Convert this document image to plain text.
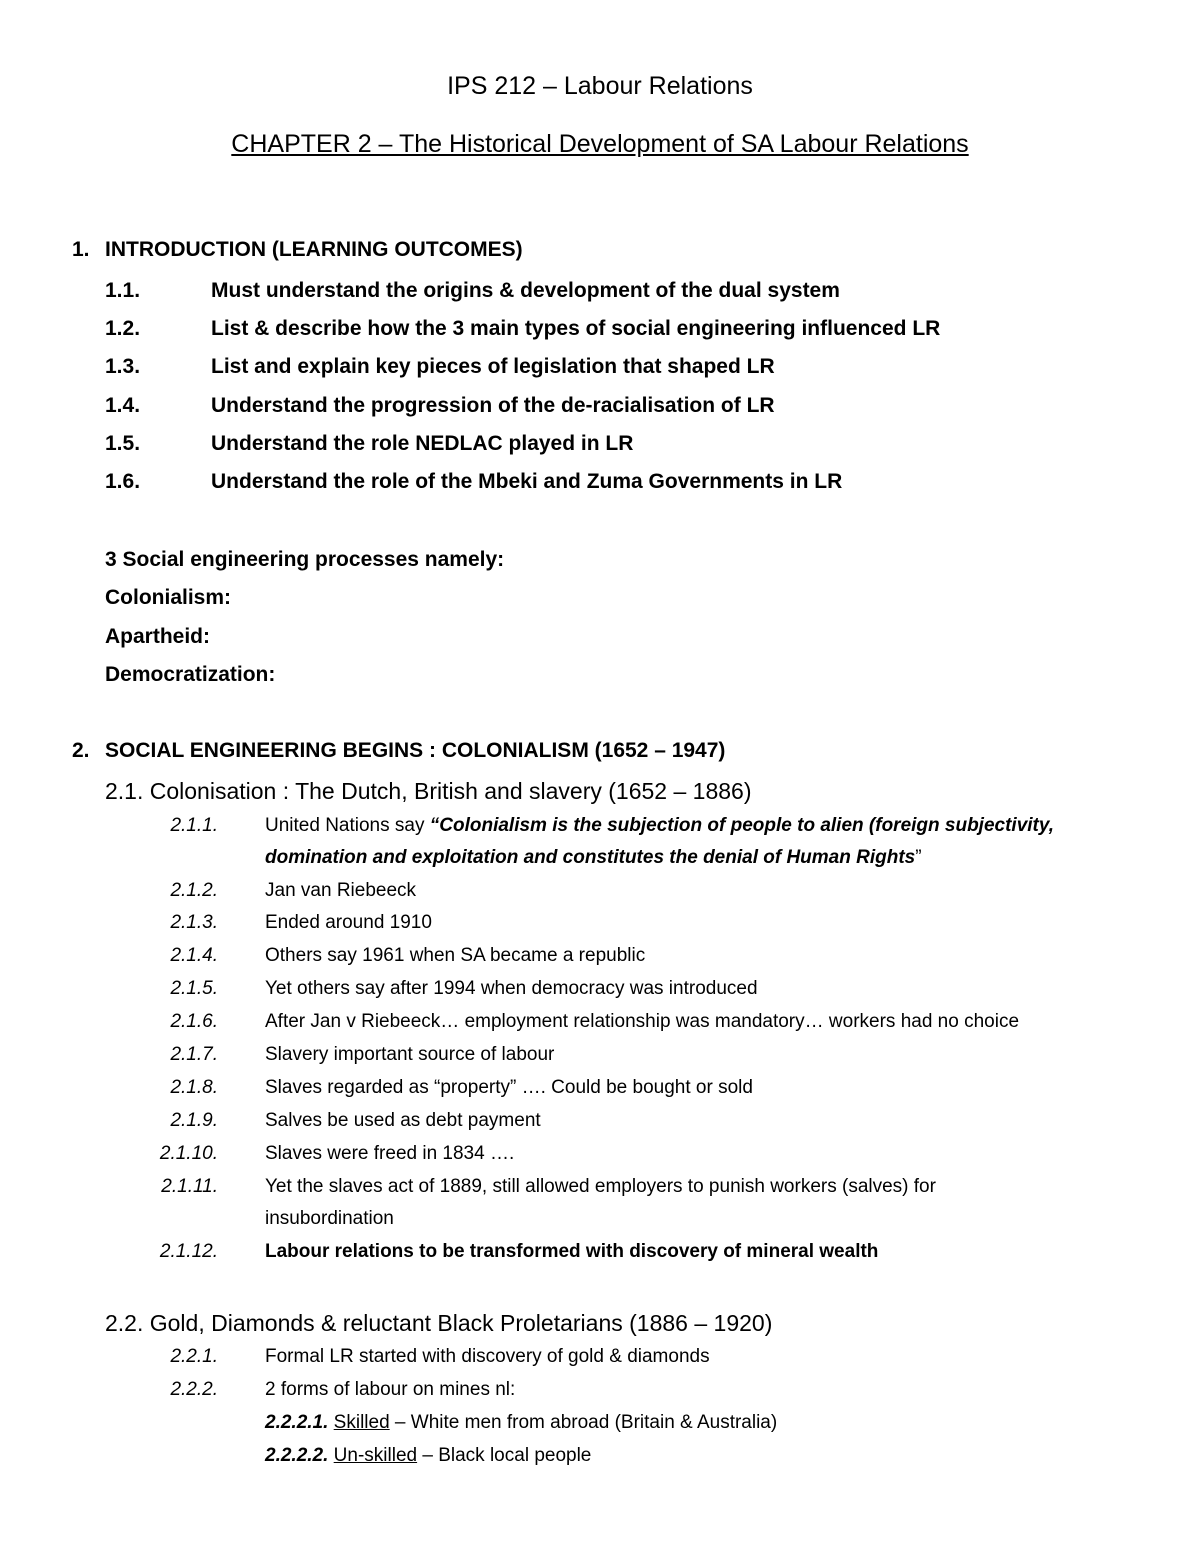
IPS 212 – Labour Relations
CHAPTER 2 – The Historical Development of SA Labour Relations
1. INTRODUCTION (LEARNING OUTCOMES)
1.1.	Must understand the origins & development of the dual system
1.2.	List & describe how the 3 main types of social engineering influenced LR
1.3.	List and explain key pieces of legislation that shaped LR
1.4.	Understand the progression of the de-racialisation of LR
1.5.	Understand the role NEDLAC played in LR
1.6.	Understand the role of the Mbeki and Zuma Governments in LR
3 Social engineering processes namely:
Colonialism:
Apartheid:
Democratization:
2. SOCIAL ENGINEERING BEGINS : COLONIALISM (1652 – 1947)
2.1. Colonisation : The Dutch, British and slavery (1652 – 1886)
2.1.1. United Nations say “Colonialism is the subjection of people to alien (foreign subjectivity,
domination and exploitation and constitutes the denial of Human Rights”
2.1.2. Jan van Riebeeck
2.1.3. Ended around 1910
2.1.4. Others say 1961 when SA became a republic
2.1.5. Yet others say after 1994 when democracy was introduced
2.1.6. After Jan v Riebeeck… employment relationship was mandatory… workers had no choice
2.1.7. Slavery important source of labour
2.1.8. Slaves regarded as “property” …. Could be bought or sold
2.1.9. Salves be used as debt payment
2.1.10. Slaves were freed in 1834 ….
2.1.11. Yet the slaves act of 1889, still allowed employers to punish workers (salves) for
insubordination
2.1.12. Labour relations to be transformed with discovery of mineral wealth
2.2. Gold, Diamonds & reluctant Black Proletarians (1886 – 1920)
2.2.1. Formal LR started with discovery of gold & diamonds
2.2.2. 2 forms of labour on mines nl:
2.2.2.1. Skilled – White men from abroad (Britain & Australia)
2.2.2.2. Un-skilled – Black local people
